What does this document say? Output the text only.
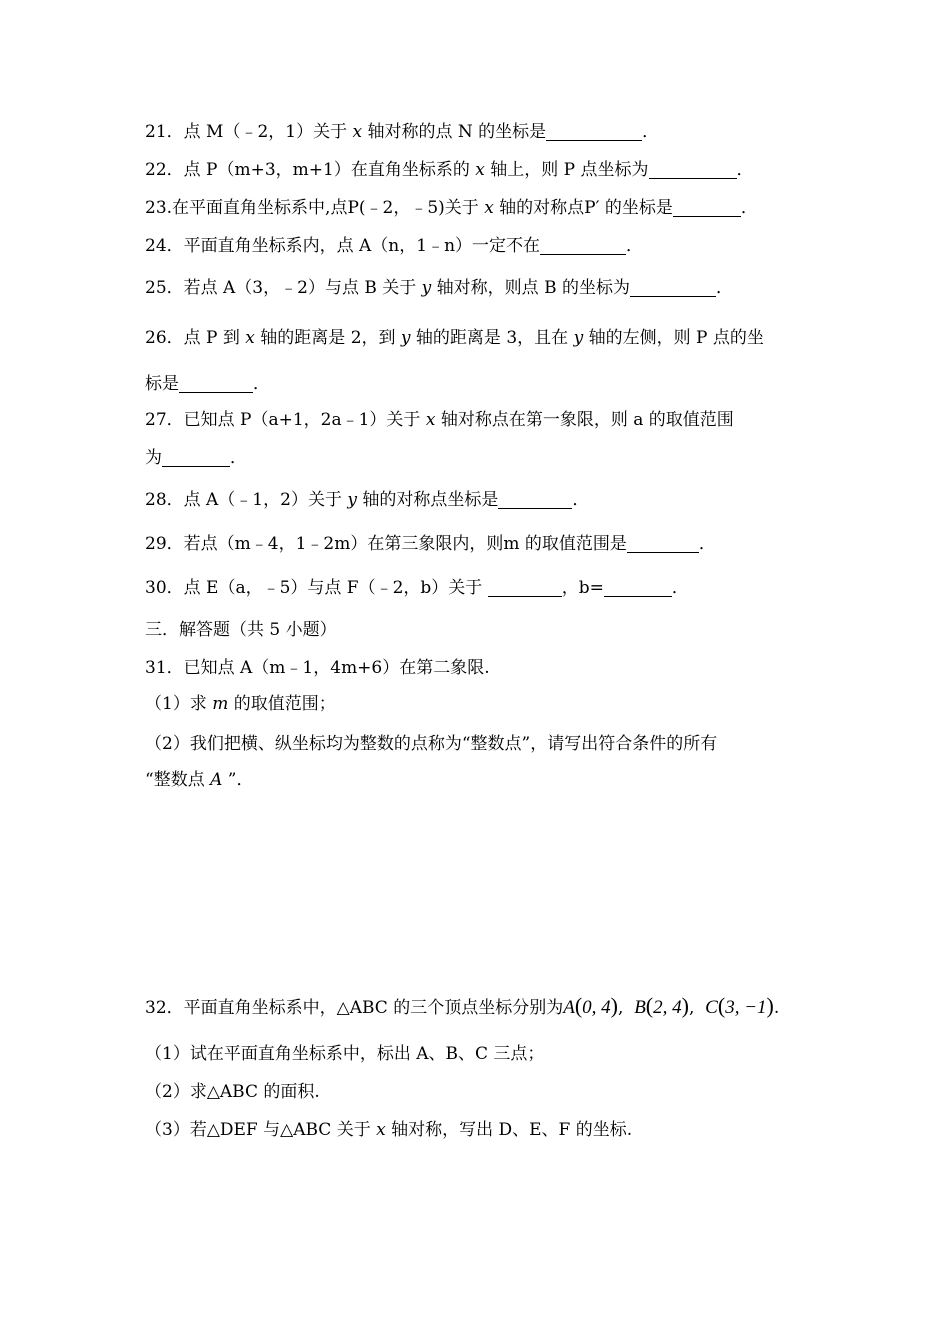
21．点 M（﹣2，1）关于 x 轴对称的点 N 的坐标是	．
22．点 P（m+3，m+1）在直角坐标系的 x 轴上，则 P 点坐标为	．
23.在平面直角坐标系中,点P(﹣2，﹣5)关于 x 轴的对称点P′ 的坐标是	．
24．平面直角坐标系内，点 A（n，1﹣n）一定不在	．
25．若点 A（3，﹣2）与点 B 关于 y 轴对称，则点 B 的坐标为	．
26．点 P 到 x 轴的距离是 2，到 y 轴的距离是 3，且在 y 轴的左侧，则 P 点的坐
标是	．
27．已知点 P（a+1，2a﹣1）关于 x 轴对称点在第一象限，则 a 的取值范围
为	．
28．点 A（﹣1，2）关于 y 轴的对称点坐标是	．
29．若点（m﹣4，1﹣2m）在第三象限内，则m 的取值范围是	．
30．点 E（a，﹣5）与点 F（﹣2，b）关于	，b=	．
三．解答题（共 5 小题）
31．已知点 A（m﹣1，4m+6）在第二象限.
（1）求 m 的取值范围；
（2）我们把横、纵坐标均为整数的点称为“整数点”，请写出符合条件的所有
“整数点 A ”．
32．平面直角坐标系中，△ABC 的三个顶点坐标分别为A(0, 4), B(2, 4), C(3, −1).
（1）试在平面直角坐标系中，标出 A、B、C 三点；
（2）求△ABC 的面积.
（3）若△DEF 与△ABC 关于 x 轴对称，写出 D、E、F 的坐标.
